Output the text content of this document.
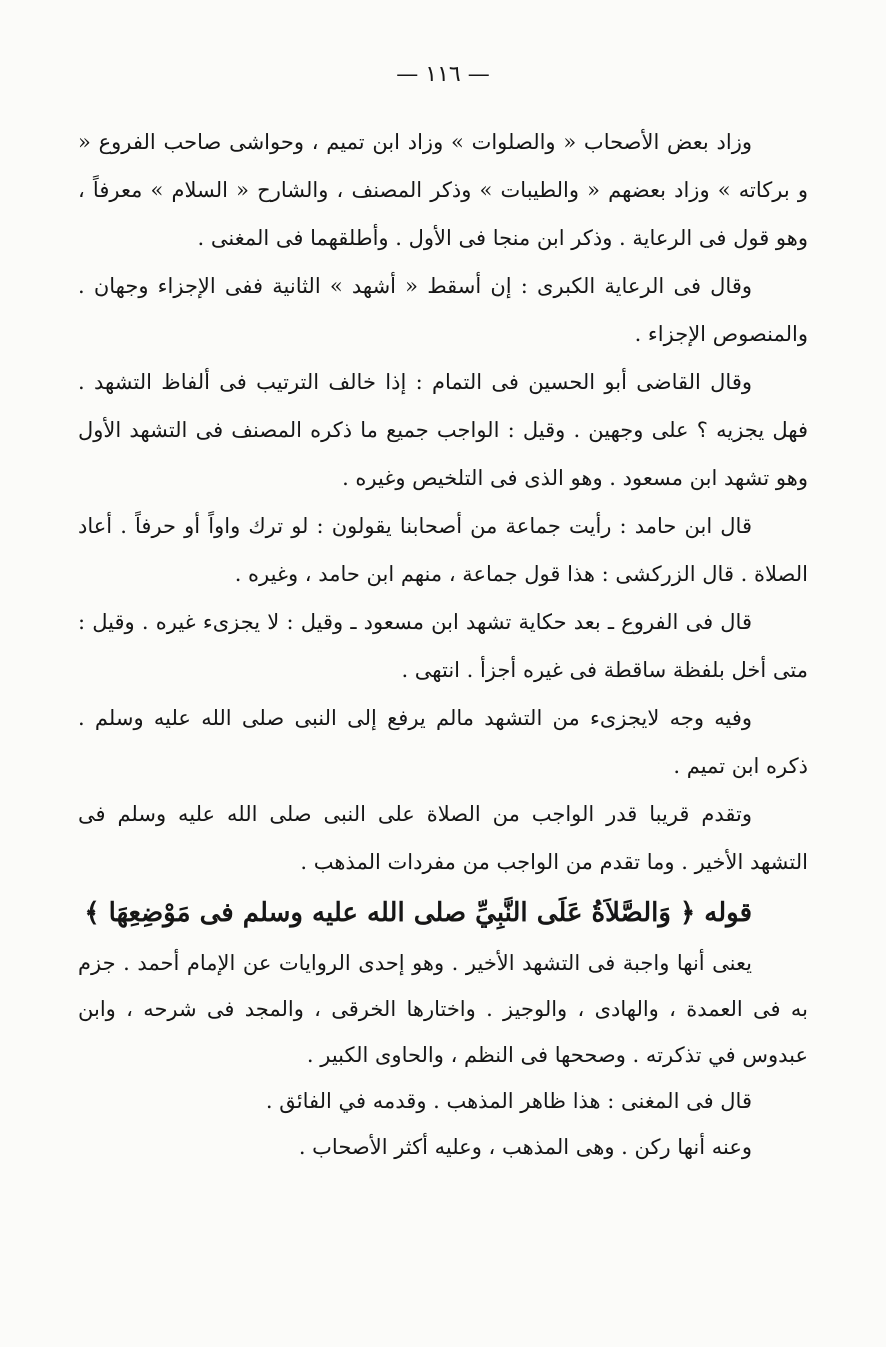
— ١١٦ —

وزاد بعض الأصحاب « والصلوات » وزاد ابن تميم ، وحواشى صاحب الفروع « و بركاته » وزاد بعضهم « والطيبات » وذكر المصنف ، والشارح « السلام » معرفاً ، وهو قول فى الرعاية . وذكر ابن منجا فى الأول . وأطلقهما فى المغنى .

وقال فى الرعاية الكبرى : إن أسقط « أشهد » الثانية ففى الإجزاء وجهان . والمنصوص الإجزاء .

وقال القاضى أبو الحسين فى التمام : إذا خالف الترتيب فى ألفاظ التشهد . فهل يجزيه ؟ على وجهين . وقيل : الواجب جميع ما ذكره المصنف فى التشهد الأول وهو تشهد ابن مسعود . وهو الذى فى التلخيص وغيره .

قال ابن حامد : رأيت جماعة من أصحابنا يقولون : لو ترك واواً أو حرفاً . أعاد الصلاة . قال الزركشى : هذا قول جماعة ، منهم ابن حامد ، وغيره .

قال فى الفروع ـ بعد حكاية تشهد ابن مسعود ـ وقيل : لا يجزىء غيره . وقيل : متى أخل بلفظة ساقطة فى غيره أجزأ . انتهى .

وفيه وجه لايجزىء من التشهد مالم يرفع إلى النبى صلى الله عليه وسلم . ذكره ابن تميم .

وتقدم قريبا قدر الواجب من الصلاة على النبى صلى الله عليه وسلم فى التشهد الأخير . وما تقدم من الواجب من مفردات المذهب .

قوله ﴿ وَالصَّلاَةُ عَلَى النَّبِيِّ صلى الله عليه وسلم فى مَوْضِعِهَا ﴾

يعنى أنها واجبة فى التشهد الأخير . وهو إحدى الروايات عن الإمام أحمد . جزم به فى العمدة ، والهادى ، والوجيز . واختارها الخرقى ، والمجد فى شرحه ، وابن عبدوس في تذكرته . وصححها فى النظم ، والحاوى الكبير .

قال فى المغنى : هذا ظاهر المذهب . وقدمه في الفائق .

وعنه أنها ركن . وهى المذهب ، وعليه أكثر الأصحاب .
